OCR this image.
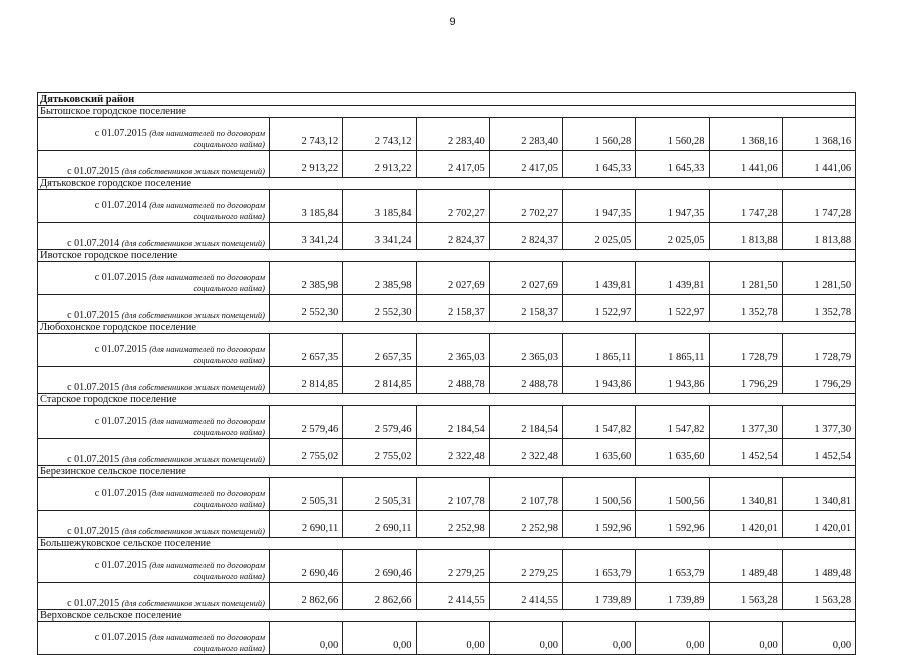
9
Дятьковский район								
Бытошское городское поселение								
с 01.07.2015 (для нанимателей по договорам
социального найма)	2 743,12	2 743,12	2 283,40	2 283,40	1 560,28	1 560,28	1 368,16	1 368,16
с 01.07.2015 (для собственников жилых помещений)	2 913,22	2 913,22	2 417,05	2 417,05	1 645,33	1 645,33	1 441,06	1 441,06
Дятьковское городское поселение								
с 01.07.2014 (для нанимателей по договорам
социального найма)	3 185,84	3 185,84	2 702,27	2 702,27	1 947,35	1 947,35	1 747,28	1 747,28
с 01.07.2014 (для собственников жилых помещений)	3 341,24	3 341,24	2 824,37	2 824,37	2 025,05	2 025,05	1 813,88	1 813,88
Ивотское городское поселение								
с 01.07.2015 (для нанимателей по договорам
социального найма)	2 385,98	2 385,98	2 027,69	2 027,69	1 439,81	1 439,81	1 281,50	1 281,50
с 01.07.2015 (для собственников жилых помещений)	2 552,30	2 552,30	2 158,37	2 158,37	1 522,97	1 522,97	1 352,78	1 352,78
Любохонское городское поселение								
с 01.07.2015 (для нанимателей по договорам
социального найма)	2 657,35	2 657,35	2 365,03	2 365,03	1 865,11	1 865,11	1 728,79	1 728,79
с 01.07.2015 (для собственников жилых помещений)	2 814,85	2 814,85	2 488,78	2 488,78	1 943,86	1 943,86	1 796,29	1 796,29
Старское городское поселение								
с 01.07.2015 (для нанимателей по договорам
социального найма)	2 579,46	2 579,46	2 184,54	2 184,54	1 547,82	1 547,82	1 377,30	1 377,30
с 01.07.2015 (для собственников жилых помещений)	2 755,02	2 755,02	2 322,48	2 322,48	1 635,60	1 635,60	1 452,54	1 452,54
Березинское сельское поселение								
с 01.07.2015 (для нанимателей по договорам
социального найма)	2 505,31	2 505,31	2 107,78	2 107,78	1 500,56	1 500,56	1 340,81	1 340,81
с 01.07.2015 (для собственников жилых помещений)	2 690,11	2 690,11	2 252,98	2 252,98	1 592,96	1 592,96	1 420,01	1 420,01
Большежуковское сельское поселение								
с 01.07.2015 (для нанимателей по договорам
социального найма)	2 690,46	2 690,46	2 279,25	2 279,25	1 653,79	1 653,79	1 489,48	1 489,48
с 01.07.2015 (для собственников жилых помещений)	2 862,66	2 862,66	2 414,55	2 414,55	1 739,89	1 739,89	1 563,28	1 563,28
Верховское сельское поселение								
с 01.07.2015 (для нанимателей по договорам
социального найма)	0,00	0,00	0,00	0,00	0,00	0,00	0,00	0,00
